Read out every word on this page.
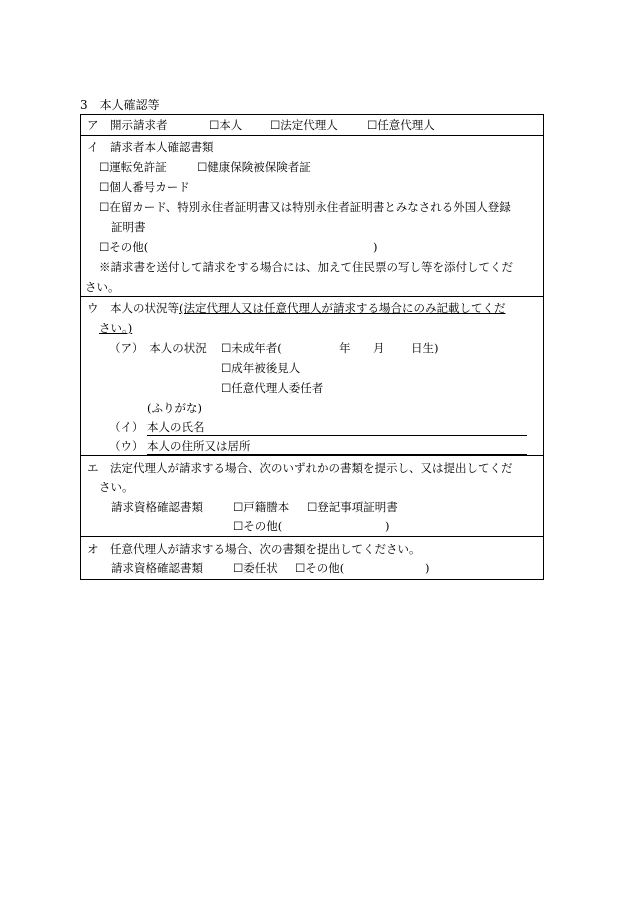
3　本人確認等
ア　開示請求者	☐本人 ☐法定代理人	☐任意代理人
イ　請求者本人確認書類
☐運転免許証	☐健康保険被保険者証
☐個人番号カード
☐在留カード、特別永住者証明書又は特別永住者証明書とみなされる外国人登録
証明書
☐その他(	)
※請求書を送付して請求をする場合には、加えて住民票の写し等を添付してくだ
さい。
ウ　本人の状況等(法定代理人又は任意代理人が請求する場合にのみ記載してくだ
さい。)
（ア）　本人の状況 ☐未成年者(	年 月 日生)
☐成年被後見人
☐任意代理人委任者
(ふりがな)
（イ） 本人の氏名
（ウ） 本人の住所又は居所
エ　法定代理人が請求する場合、次のいずれかの書類を提示し、又は提出してくだ
さい。
請求資格確認書類	☐戸籍謄本 ☐登記事項証明書
☐その他(	)
オ　任意代理人が請求する場合、次の書類を提出してください。
請求資格確認書類	☐委任状 ☐その他(	)
